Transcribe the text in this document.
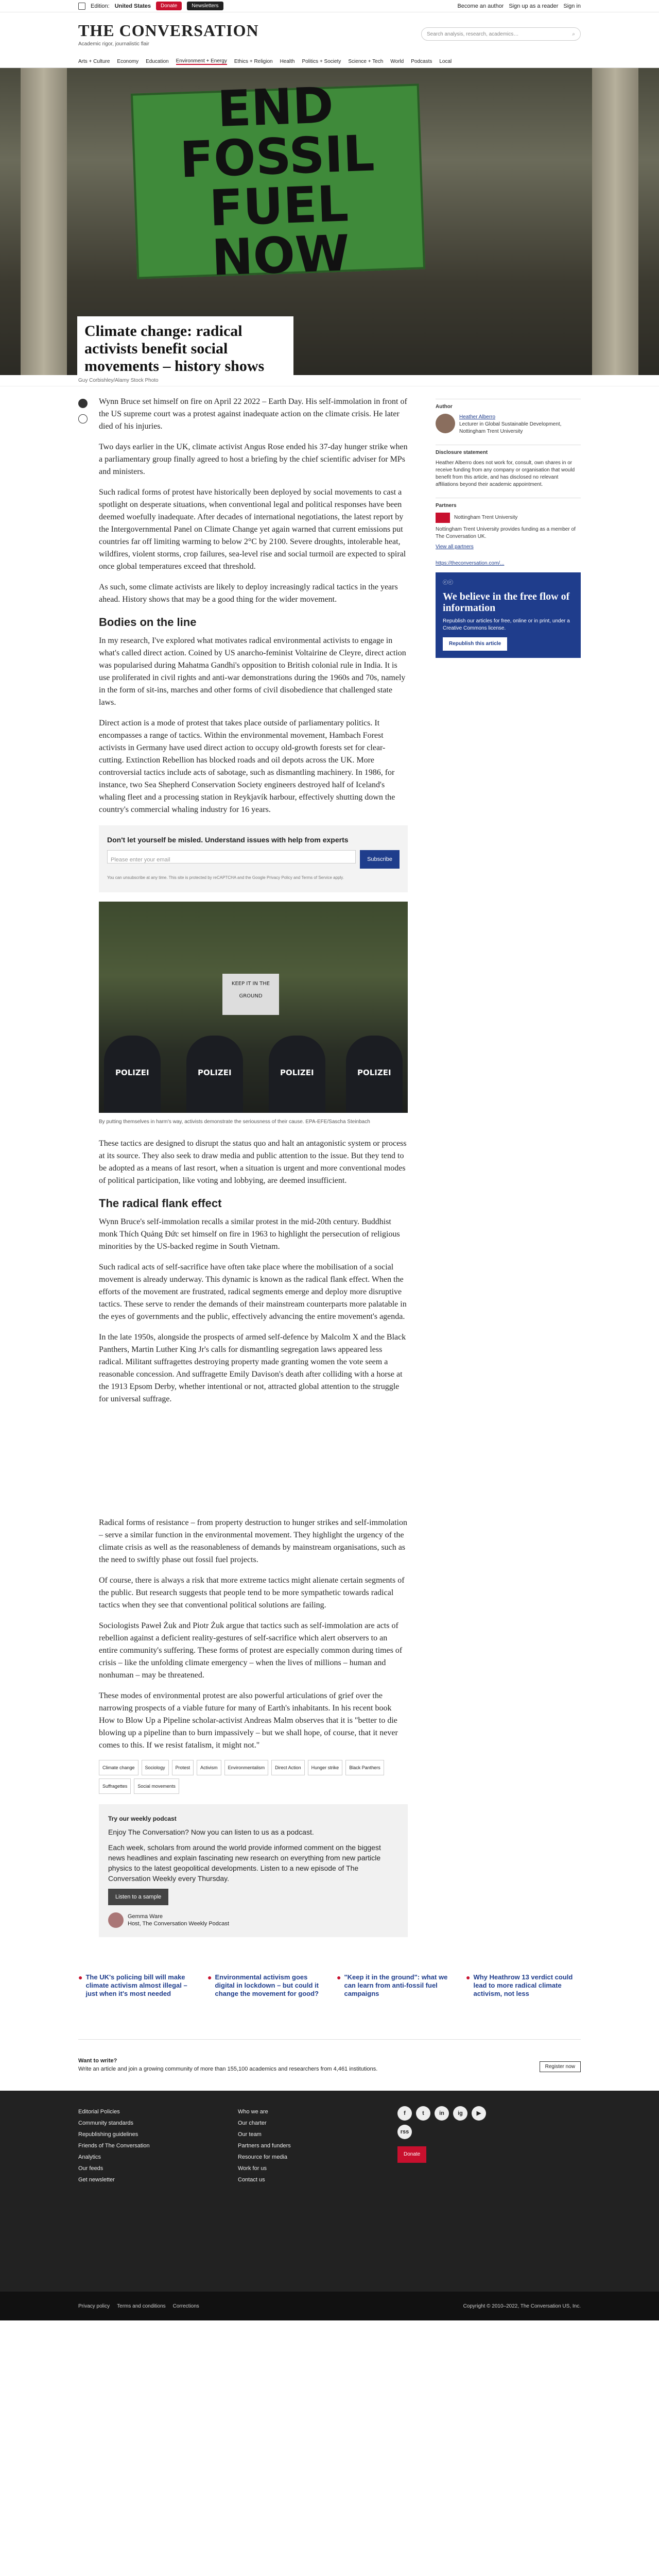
Edition: United States	Donate	Newsletters	Become an author Sign up as a reader Sign in
THE CONVERSATION
Academic rigor, journalistic flair
Search analysis, research, academics…	⌕
Arts + Culture Economy Education Environment + Energy Ethics + Religion Health Politics + Society Science + Tech World Podcasts Local
END FOSSIL
FUEL
NOW
Climate change: radical activists benefit social movements – history shows
Guy Corbishley/Alamy Stock Photo

Wynn Bruce set himself on fire on April 22 2022 – Earth Day. His self-immolation in front of the US supreme court was a protest against inadequate action on the climate crisis. He later died of his injuries.

Two days earlier in the UK, climate activist Angus Rose ended his 37-day hunger strike when a parliamentary group finally agreed to host a briefing by the chief scientific adviser for MPs and ministers.

Such radical forms of protest have historically been deployed by social movements to cast a spotlight on desperate situations, when conventional legal and political responses have been deemed woefully inadequate. After decades of international negotiations, the latest report by the Intergovernmental Panel on Climate Change yet again warned that current emissions put countries far off limiting warming to below 2°C by 2100. Severe droughts, intolerable heat, wildfires, violent storms, crop failures, sea-level rise and social turmoil are expected to spiral once global temperatures exceed that threshold.

As such, some climate activists are likely to deploy increasingly radical tactics in the years ahead. History shows that may be a good thing for the wider movement.

Bodies on the line

In my research, I've explored what motivates radical environmental activists to engage in what's called direct action. Coined by US anarcho-feminist Voltairine de Cleyre, direct action was popularised during Mahatma Gandhi's opposition to British colonial rule in India. It is use proliferated in civil rights and anti-war demonstrations during the 1960s and 70s, namely in the form of sit-ins, marches and other forms of civil disobedience that challenged state laws.

Direct action is a mode of protest that takes place outside of parliamentary politics. It encompasses a range of tactics. Within the environmental movement, Hambach Forest activists in Germany have used direct action to occupy old-growth forests set for clear-cutting. Extinction Rebellion has blocked roads and oil depots across the UK. More controversial tactics include acts of sabotage, such as dismantling machinery. In 1986, for instance, two Sea Shepherd Conservation Society engineers destroyed half of Iceland's whaling fleet and a processing station in Reykjavík harbour, effectively shutting down the country's commercial whaling industry for 16 years.

Don't let yourself be misled. Understand issues with help from experts
Please enter your email	Subscribe
You can unsubscribe at any time. This site is protected by reCAPTCHA and the Google Privacy Policy and Terms of Service apply.
KEEP IT IN THE GROUND
POLIZEI	POLIZEI	POLIZEI	POLIZEI
By putting themselves in harm's way, activists demonstrate the seriousness of their cause. EPA-EFE/Sascha Steinbach

These tactics are designed to disrupt the status quo and halt an antagonistic system or process at its source. They also seek to draw media and public attention to the issue. But they tend to be adopted as a means of last resort, when a situation is urgent and more conventional modes of political participation, like voting and lobbying, are deemed insufficient.

The radical flank effect

Wynn Bruce's self-immolation recalls a similar protest in the mid-20th century. Buddhist monk Thích Quảng Đức set himself on fire in 1963 to highlight the persecution of religious minorities by the US-backed regime in South Vietnam.

Such radical acts of self-sacrifice have often take place where the mobilisation of a social movement is already underway. This dynamic is known as the radical flank effect. When the efforts of the movement are frustrated, radical segments emerge and deploy more disruptive tactics. These serve to render the demands of their mainstream counterparts more palatable in the eyes of governments and the public, effectively advancing the entire movement's agenda.

In the late 1950s, alongside the prospects of armed self-defence by Malcolm X and the Black Panthers, Martin Luther King Jr's calls for dismantling segregation laws appeared less radical. Militant suffragettes destroying property made granting women the vote seem a reasonable concession. And suffragette Emily Davison's death after colliding with a horse at the 1913 Epsom Derby, whether intentional or not, attracted global attention to the struggle for universal suffrage.

Radical forms of resistance – from property destruction to hunger strikes and self-immolation – serve a similar function in the environmental movement. They highlight the urgency of the climate crisis as well as the reasonableness of demands by mainstream organisations, such as the need to swiftly phase out fossil fuel projects.

Of course, there is always a risk that more extreme tactics might alienate certain segments of the public. But research suggests that people tend to be more sympathetic towards radical tactics when they see that conventional political solutions are failing.

Sociologists Paweł Żuk and Piotr Żuk argue that tactics such as self-immolation are acts of rebellion against a deficient reality-gestures of self-sacrifice which alert observers to an entire community's suffering. These forms of protest are especially common during times of crisis – like the unfolding climate emergency – when the lives of millions – human and nonhuman – may be threatened.

These modes of environmental protest are also powerful articulations of grief over the narrowing prospects of a viable future for many of Earth's inhabitants. In his recent book How to Blow Up a Pipeline scholar-activist Andreas Malm observes that it is "better to die blowing up a pipeline than to burn impassively – but we shall hope, of course, that it never comes to this. If we resist fatalism, it might not."

Climate change	Sociology	Protest	Activism	Environmentalism	Direct Action	Hunger strike	Black Panthers
Suffragettes	Social movements
Try our weekly podcast

Enjoy The Conversation? Now you can listen to us as a podcast.

Each week, scholars from around the world provide informed comment on the biggest news headlines and explain fascinating new research on everything from new particle physics to the latest geopolitical developments. Listen to a new episode of The Conversation Weekly every Thursday.

Listen to a sample
Gemma Ware
Host, The Conversation Weekly Podcast
Author
Heather Alberro
Lecturer in Global Sustainable Development, Nottingham Trent University
Disclosure statement
Heather Alberro does not work for, consult, own shares in or receive funding from any company or organisation that would benefit from this article, and has disclosed no relevant affiliations beyond their academic appointment.
Partners
Nottingham Trent University
Nottingham Trent University provides funding as a member of The Conversation UK.
View all partners
https://theconversation.com/...
ⓒⓒ
We believe in the free flow of information
Republish our articles for free, online or in print, under a Creative Commons license.
Republish this article
● The UK's policing bill will make climate activism almost illegal – just when it's most needed
● Environmental activism goes digital in lockdown – but could it change the movement for good?
● "Keep it in the ground": what we can learn from anti-fossil fuel campaigns
● Why Heathrow 13 verdict could lead to more radical climate activism, not less
Want to write?
Write an article and join a growing community of more than 155,100 academics and researchers from 4,461 institutions.	Register now
Editorial Policies
Community standards
Republishing guidelines
Friends of The Conversation
Analytics
Our feeds
Get newsletter
Who we are
Our charter
Our team
Partners and funders
Resource for media
Work for us
Contact us
f	t	in	ig	▶
rss
Donate
Privacy policy Terms and conditions Corrections	Copyright © 2010–2022, The Conversation US, Inc.
